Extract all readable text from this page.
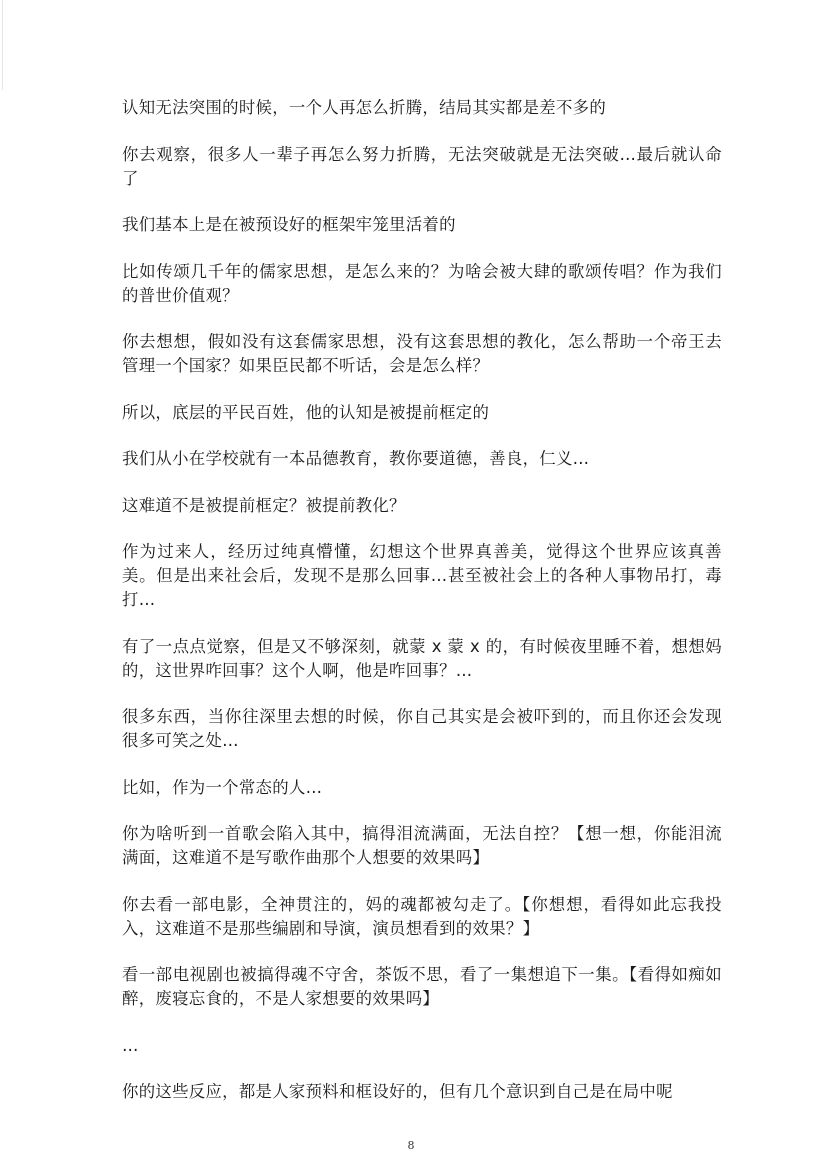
认知无法突围的时候，一个人再怎么折腾，结局其实都是差不多的

你去观察，很多人一辈子再怎么努力折腾，无法突破就是无法突破…最后就认命了

我们基本上是在被预设好的框架牢笼里活着的

比如传颂几千年的儒家思想，是怎么来的？为啥会被大肆的歌颂传唱？作为我们的普世价值观？

你去想想，假如没有这套儒家思想，没有这套思想的教化，怎么帮助一个帝王去管理一个国家？如果臣民都不听话，会是怎么样？

所以，底层的平民百姓，他的认知是被提前框定的

我们从小在学校就有一本品德教育，教你要道德，善良，仁义…

这难道不是被提前框定？被提前教化？

作为过来人，经历过纯真懵懂，幻想这个世界真善美，觉得这个世界应该真善美。但是出来社会后，发现不是那么回事…甚至被社会上的各种人事物吊打，毒打…

有了一点点觉察，但是又不够深刻，就蒙 x 蒙 x 的，有时候夜里睡不着，想想妈的，这世界咋回事？这个人啊，他是咋回事？…

很多东西，当你往深里去想的时候，你自己其实是会被吓到的，而且你还会发现很多可笑之处…

比如，作为一个常态的人…

你为啥听到一首歌会陷入其中，搞得泪流满面，无法自控？【想一想，你能泪流满面，这难道不是写歌作曲那个人想要的效果吗】

你去看一部电影，全神贯注的，妈的魂都被勾走了。【你想想，看得如此忘我投入，这难道不是那些编剧和导演，演员想看到的效果？】

看一部电视剧也被搞得魂不守舍，茶饭不思，看了一集想追下一集。【看得如痴如醉，废寝忘食的，不是人家想要的效果吗】

…

你的这些反应，都是人家预料和框设好的，但有几个意识到自己是在局中呢

8
